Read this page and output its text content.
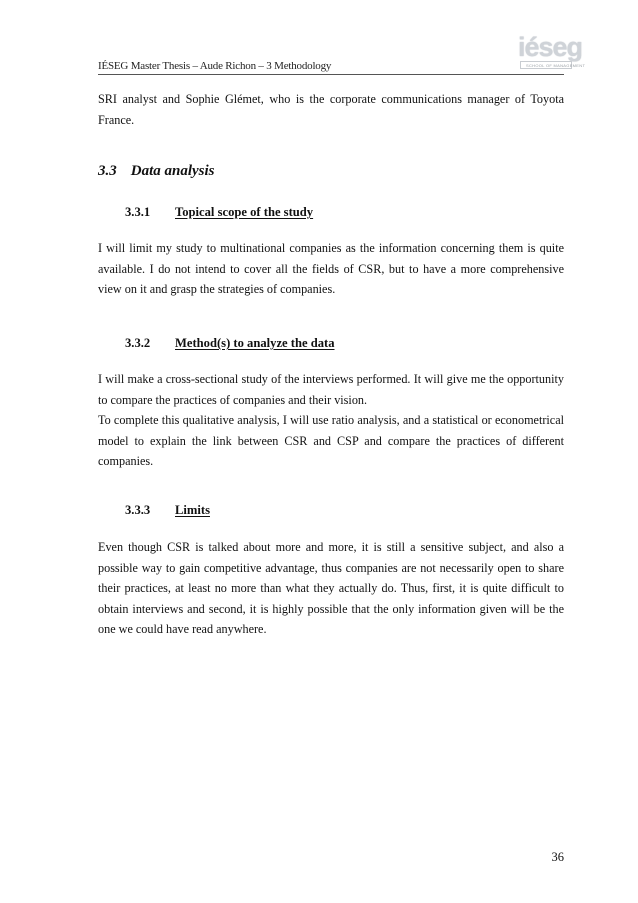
IÉSEG Master Thesis – Aude Richon – 3 Methodology
iéseg
SCHOOL OF MANAGEMENT

SRI analyst and Sophie Glémet, who is the corporate communications manager of Toyota France.

3.3 Data analysis
3.3.1 Topical scope of the study

I will limit my study to multinational companies as the information concerning them is quite available. I do not intend to cover all the fields of CSR, but to have a more comprehensive view on it and grasp the strategies of companies.

3.3.2 Method(s) to analyze the data

I will make a cross-sectional study of the interviews performed. It will give me the opportunity to compare the practices of companies and their vision.

To complete this qualitative analysis, I will use ratio analysis, and a statistical or econometrical model to explain the link between CSR and CSP and compare the practices of different companies.

3.3.3 Limits

Even though CSR is talked about more and more, it is still a sensitive subject, and also a possible way to gain competitive advantage, thus companies are not necessarily open to share their practices, at least no more than what they actually do. Thus, first, it is quite difficult to obtain interviews and second, it is highly possible that the only information given will be the one we could have read anywhere.

36
